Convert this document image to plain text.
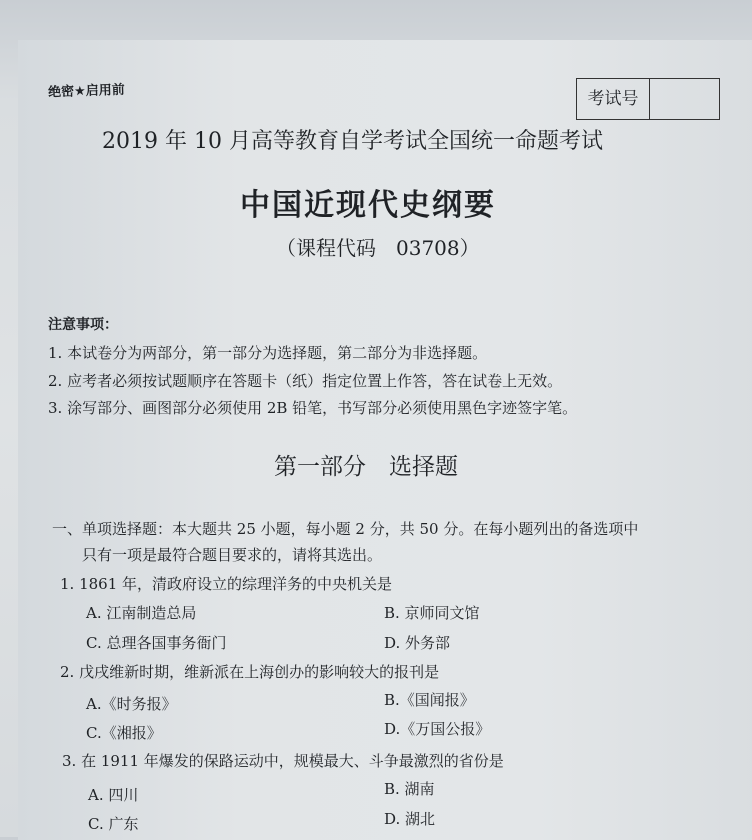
绝密★启用前	考试号
2019 年 10 月高等教育自学考试全国统一命题考试
中国近现代史纲要
（课程代码　03708）
注意事项：
1. 本试卷分为两部分，第一部分为选择题，第二部分为非选择题。
2. 应考者必须按试题顺序在答题卡（纸）指定位置上作答，答在试卷上无效。
3. 涂写部分、画图部分必须使用 2B 铅笔，书写部分必须使用黑色字迹签字笔。
第一部分　选择题
一、单项选择题：本大题共 25 小题，每小题 2 分，共 50 分。在每小题列出的备选项中
只有一项是最符合题目要求的，请将其选出。
1. 1861 年，清政府设立的综理洋务的中央机关是
A. 江南制造总局	B. 京师同文馆
C. 总理各国事务衙门	D. 外务部
2. 戊戌维新时期，维新派在上海创办的影响较大的报刊是
A.《时务报》	B.《国闻报》
C.《湘报》	D.《万国公报》
3. 在 1911 年爆发的保路运动中，规模最大、斗争最激烈的省份是
A. 四川	B. 湖南
C. 广东	D. 湖北
